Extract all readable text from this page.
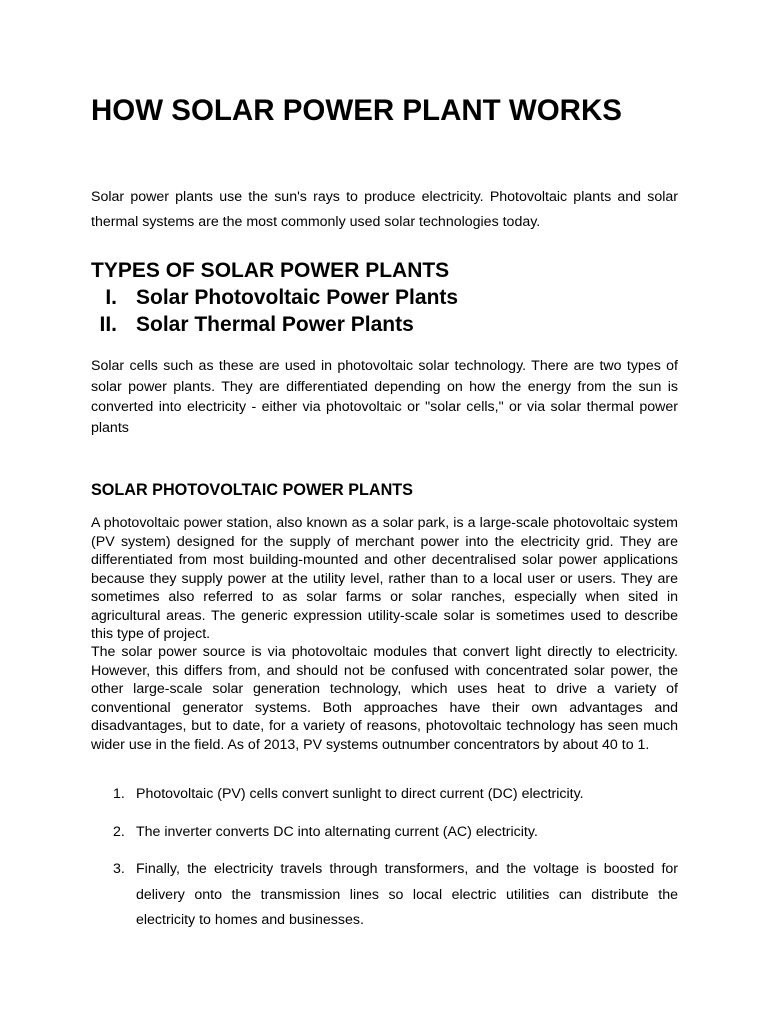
HOW SOLAR POWER PLANT WORKS

Solar power plants use the sun's rays to produce electricity. Photovoltaic plants and solar thermal systems are the most commonly used solar technologies today.

TYPES OF SOLAR POWER PLANTS
I. Solar Photovoltaic Power Plants
II. Solar Thermal Power Plants

Solar cells such as these are used in photovoltaic solar technology. There are two types of solar power plants. They are differentiated depending on how the energy from the sun is converted into electricity - either via photovoltaic or "solar cells," or via solar thermal power plants

SOLAR PHOTOVOLTAIC POWER PLANTS

A photovoltaic power station, also known as a solar park, is a large-scale photovoltaic system (PV system) designed for the supply of merchant power into the electricity grid. They are differentiated from most building-mounted and other decentralised solar power applications because they supply power at the utility level, rather than to a local user or users. They are sometimes also referred to as solar farms or solar ranches, especially when sited in agricultural areas. The generic expression utility-scale solar is sometimes used to describe this type of project.

The solar power source is via photovoltaic modules that convert light directly to electricity. However, this differs from, and should not be confused with concentrated solar power, the other large-scale solar generation technology, which uses heat to drive a variety of conventional generator systems. Both approaches have their own advantages and disadvantages, but to date, for a variety of reasons, photovoltaic technology has seen much wider use in the field. As of 2013, PV systems outnumber concentrators by about 40 to 1.

1. Photovoltaic (PV) cells convert sunlight to direct current (DC) electricity.
2. The inverter converts DC into alternating current (AC) electricity.
3. Finally, the electricity travels through transformers, and the voltage is boosted for delivery onto the transmission lines so local electric utilities can distribute the electricity to homes and businesses.
